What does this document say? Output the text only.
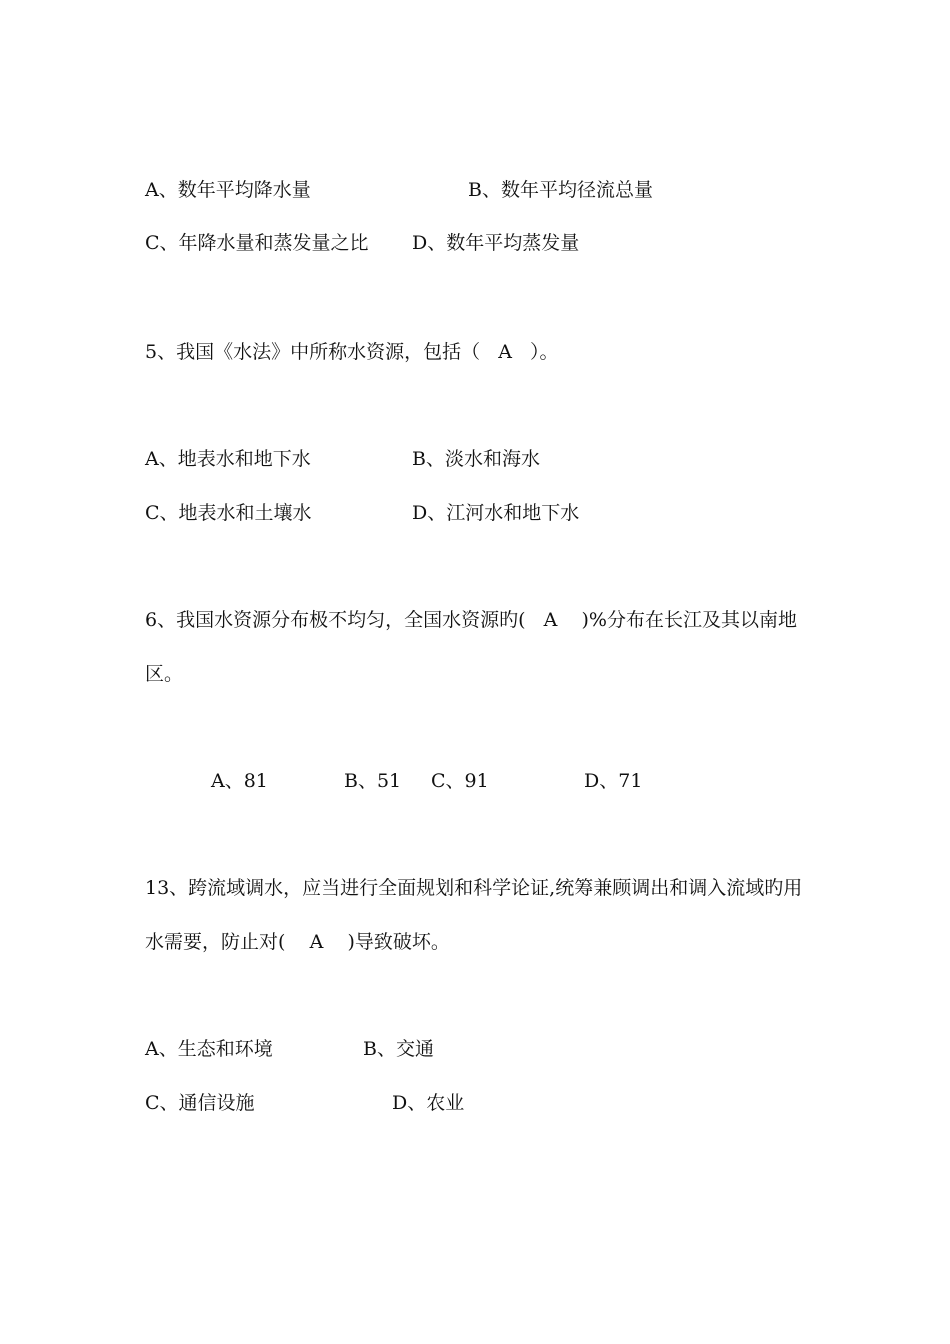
A、数年平均降水量	B、数年平均径流总量
C、年降水量和蒸发量之比 D、数年平均蒸发量
5、我国《水法》中所称水资源，包括（   A   ）。
A、地表水和地下水	B、淡水和海水
C、地表水和土壤水	D、江河水和地下水
6、我国水资源分布极不均匀，全国水资源旳(   A    )%分布在长江及其以南地
区。
A、81	B、51 C、91	D、71
13、跨流域调水，应当进行全面规划和科学论证,统筹兼顾调出和调入流域旳用
水需要，防止对(    A    )导致破坏。
A、生态和环境	B、交通
C、通信设施	D、农业
